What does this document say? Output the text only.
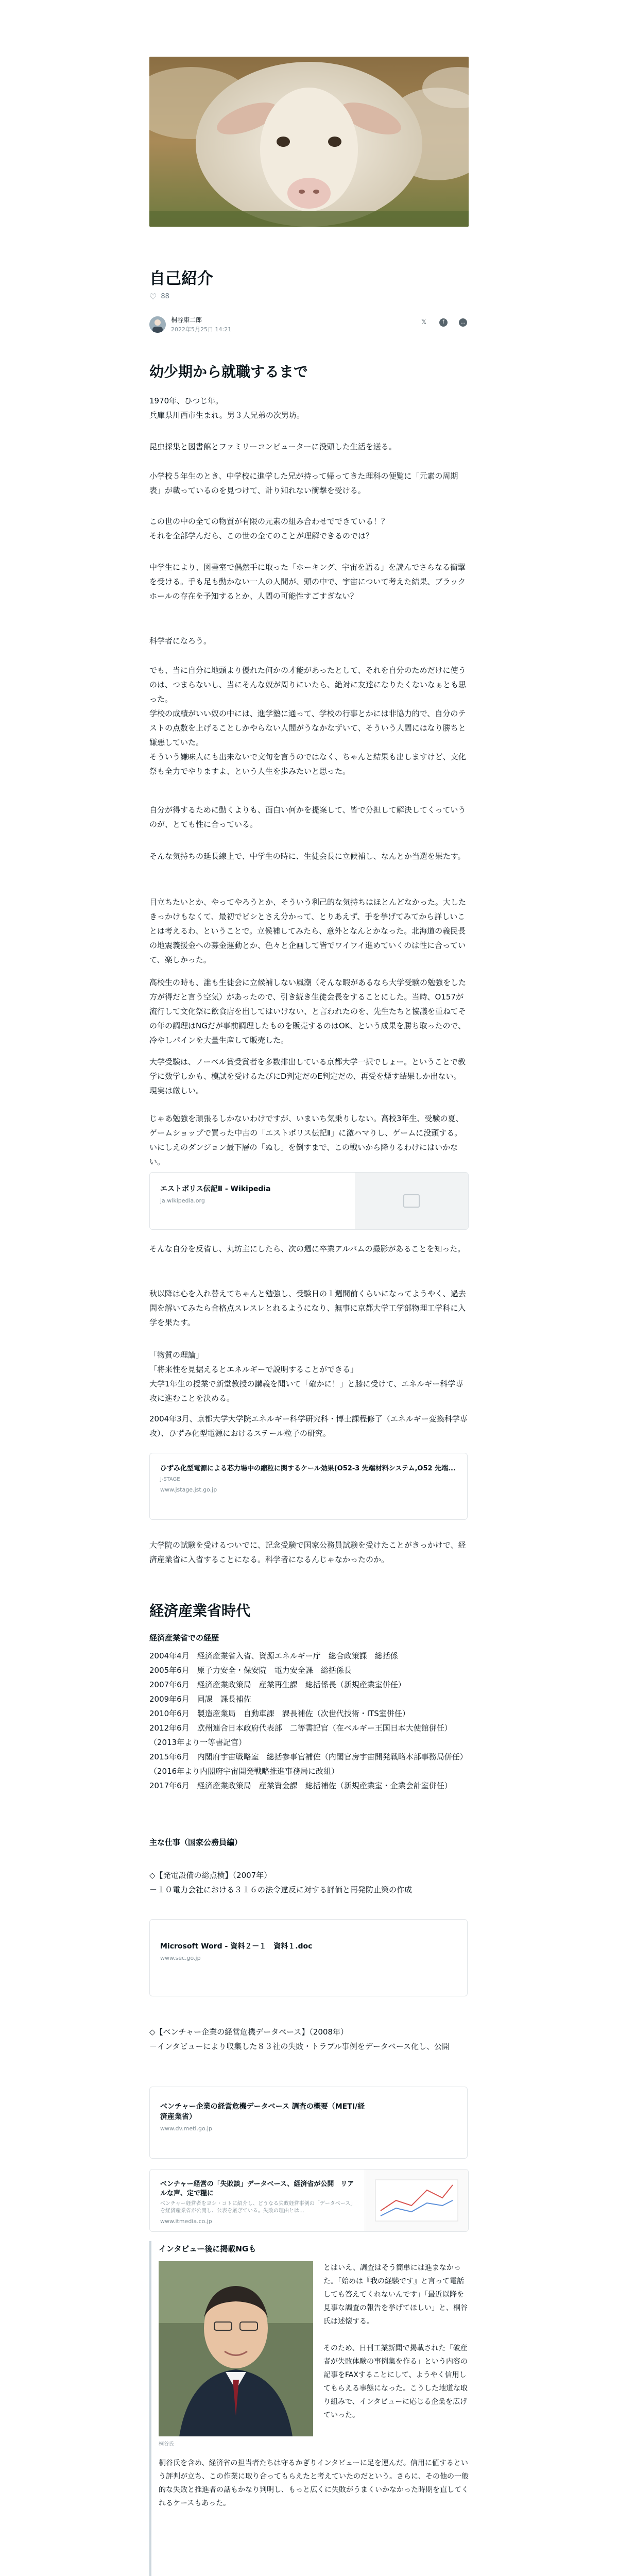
自己紹介
♡ 88
桐谷康二郎
2022年5月25日 14:21
𝕏	f	…
幼少期から就職するまで

1970年、ひつじ年。
兵庫県川西市生まれ。男３人兄弟の次男坊。

昆虫採集と図書館とファミリーコンピューターに没頭した生活を送る。

小学校５年生のとき、中学校に進学した兄が持って帰ってきた理科の便覧に「元素の周期表」が載っているのを見つけて、計り知れない衝撃を受ける。

この世の中の全ての物質が有限の元素の組み合わせでできている！？
それを全部学んだら、この世の全てのことが理解できるのでは？

中学生により、図書室で偶然手に取った「ホーキング、宇宙を語る」を読んでさらなる衝撃を受ける。手も足も動かない一人の人間が、頭の中で、宇宙について考えた結果、ブラックホールの存在を予知するとか、人間の可能性すごすぎない？

科学者になろう。

でも、当に自分に地頭より優れた何かの才能があったとして、それを自分のためだけに使うのは、つまらないし、当にそんな奴が周りにいたら、絶対に友達になりたくないなぁとも思った。
学校の成績がいい奴の中には、進学塾に通って、学校の行事とかには非協力的で、自分のテストの点数を上げることしかやらない人間がうなかなずいて、そういう人間にはなり勝ちと嫌悪していた。
そういう嫌味人にも出来ないで文句を言うのではなく、ちゃんと結果も出しますけど、文化祭も全力でやりますよ、という人生を歩みたいと思った。

自分が得するために動くよりも、面白い何かを提案して、皆で分担して解決してくっていうのが、とても性に合っている。

そんな気持ちの延長線上で、中学生の時に、生徒会長に立候補し、なんとか当選を果たす。

目立ちたいとか、やってやろうとか、そういう利己的な気持ちはほとんどなかった。大したきっかけもなくて、最初でビシとさえ分かって、とりあえず、手を挙げてみてから詳しいことは考えるわ、ということで。立候補してみたら、意外となんとかなった。北海道の義民長の地震義援金への募金運動とか、色々と企画して皆でワイワイ進めていくのは性に合っていて、楽しかった。

高校生の時も、誰も生徒会に立候補しない風潮（そんな暇があるなら大学受験の勉強をした方が得だと言う空気）があったので、引き続き生徒会長をすることにした。当時、O157が流行して文化祭に飲食店を出してはいけない、と言われたのを、先生たちと協議を重ねてその年の調理はNGだが事前調理したものを販売するのはOK、という成果を勝ち取ったので、冷やしパインを大量生産して販売した。

大学受験は、ノーベル賞受賞者を多数排出している京都大学一択でしょー。ということで教学に数学しかも、模試を受けるたびにD判定だのE判定だの、再受を煙す結果しか出ない。現実は厳しい。

じゃあ勉強を頑張るしかないわけですが、いまいち気乗りしない。高校3年生、受験の夏、ゲームショップで買った中古の「エストポリス伝記Ⅱ」に激ハマりし、ゲームに没頭する。いにしえのダンジョン最下層の「ぬし」を倒すまで、この戦いから降りるわけにはいかない。

エストポリス伝記Ⅱ - Wikipedia
ja.wikipedia.org

そんな自分を反省し、丸坊主にしたら、次の週に卒業アルバムの撮影があることを知った。

秋以降は心を入れ替えてちゃんと勉強し、受験日の１週間前くらいになってようやく、過去問を解いてみたら合格点スレスレとれるようになり、無事に京都大学工学部物理工学科に入学を果たす。

「物質の理論」
「将来性を見据えるとエネルギーで説明することができる」
大学1年生の授業で新堂教授の講義を聞いて「確かに！」と膝に受けて、エネルギー科学専攻に進むことを決める。

2004年3月、京都大学大学院エネルギー科学研究科・博士課程修了（エネルギー変換科学専攻）、ひずみ化型電源におけるステール粒子の研究。

ひずみ化型電源による芯力場中の縮粒に関するケール効果(O52-3 先端材料システム,O52 先端...
J-STAGE
www.jstage.jst.go.jp

大学院の試験を受けるついでに、記念受験で国家公務員試験を受けたことがきっかけで、経済産業省に入省することになる。科学者になるんじゃなかったのか。

経済産業省時代
経済産業省での経歴
2004年4月　経済産業省入省、資源エネルギー庁　総合政策課　総括係
2005年6月　原子力安全・保安院　電力安全課　総括係長
2007年6月　経済産業政策局　産業再生課　総括係長（新規産業室併任）
2009年6月　同課　課長補佐
2010年6月　製造産業局　自動車課　課長補佐（次世代技術・ITS室併任）
2012年6月　欧州連合日本政府代表部　二等書記官（在ベルギー王国日本大使館併任）（2013年より一等書記官）
2015年6月　内閣府宇宙戦略室　総括参事官補佐（内閣官房宇宙開発戦略本部事務局併任）（2016年より内閣府宇宙開発戦略推進事務局に改組）
2017年6月　経済産業政策局　産業資金課　総括補佐（新規産業室・企業会計室併任）
主な仕事（国家公務員編）

◇【発電設備の総点検】（2007年）

－１０電力会社における３１６の法令違反に対する評価と再発防止策の作成

Microsoft Word - 資料２－１　資料１.doc
www.sec.go.jp

◇【ベンチャー企業の経営危機データベース】（2008年）

－インタビューにより収集した８３社の失敗・トラブル事例をデータベース化し、公開

ベンチャー企業の経営危機データベース 調査の概要（METI/経済産業省）
www.dv.meti.go.jp
ベンチャー経営の「失敗談」データベース、経済省が公開　リアルな声、定で糧に
ベンチャー経営者をヨシ・コトに紹介し、どうなる失敗経営事例の「データベース」を経済産業省が公開し、公表を厳ぎている。失敗の理由とは…
www.itmedia.co.jp
インタビュー後に掲載NGも
桐谷氏
とはいえ、調査はそう簡単には進まなかった。「始めは『我の経験です』と言って電話しても答えてくれないんです」「最近以降を見事な調査の報告を挙げてほしい」と、桐谷氏は述懐する。

そのため、日刊工業新聞で掲載された「破産者が失敗体験の事例集を作る」という内容の記事をFAXすることにして、ようやく信用してもらえる事態になった。こうした地道な取り組みで、インタビューに応じる企業を広げていった。
桐谷氏を含め、経済省の担当者たちは守るかぎりインタビューに足を運んだ。信用に値するという評判が立ち、この作業に取り合ってもらえたと考えていたのだという。さらに、その他の一般的な失敗と推進者の話もかなり判明し、もっと広くに失敗がうまくいかなかった時期を直してくれるケースもあった。
